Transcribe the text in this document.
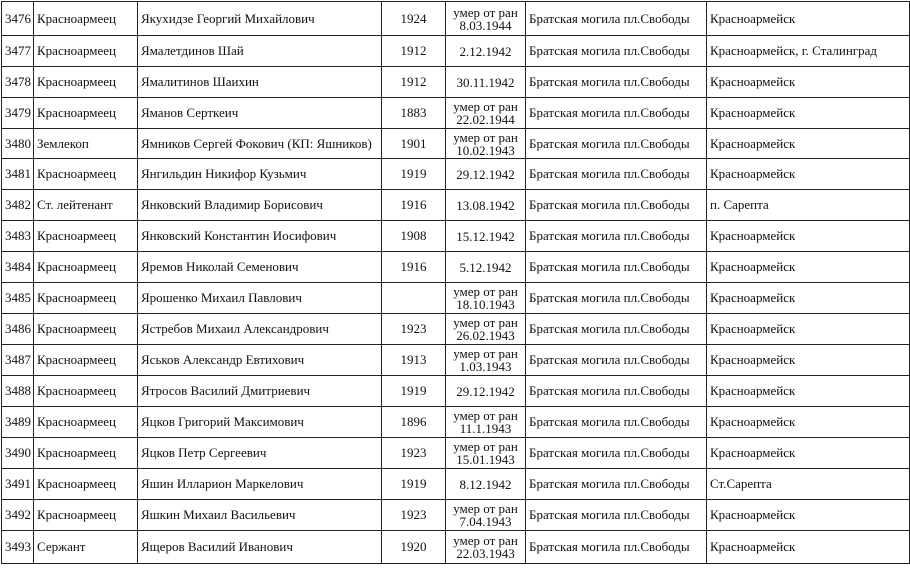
3476	Красноармеец	Якухидзе Георгий Михайлович	1924	умер от ран 8.03.1944	Братская могила пл.Свободы	Красноармейск
3477	Красноармеец	Ямалетдинов Шай	1912	2.12.1942	Братская могила пл.Свободы	Красноармейск, г. Сталинград
3478	Красноармеец	Ямалитинов Шаихин	1912	30.11.1942	Братская могила пл.Свободы	Красноармейск
3479	Красноармеец	Яманов Серткеич	1883	умер от ран 22.02.1944	Братская могила пл.Свободы	Красноармейск
3480	Землекоп	Ямников Сергей Фокович (КП: Яшников)	1901	умер от ран 10.02.1943	Братская могила пл.Свободы	Красноармейск
3481	Красноармеец	Янгильдин Никифор Кузьмич	1919	29.12.1942	Братская могила пл.Свободы	Красноармейск
3482	Ст. лейтенант	Янковский Владимир Борисович	1916	13.08.1942	Братская могила пл.Свободы	п. Сарепта
3483	Красноармеец	Янковский Константин Иосифович	1908	15.12.1942	Братская могила пл.Свободы	Красноармейск
3484	Красноармеец	Яремов Николай Семенович	1916	5.12.1942	Братская могила пл.Свободы	Красноармейск
3485	Красноармеец	Ярошенко Михаил Павлович		умер от ран 18.10.1943	Братская могила пл.Свободы	Красноармейск
3486	Красноармеец	Ястребов Михаил Александрович	1923	умер от ран 26.02.1943	Братская могила пл.Свободы	Красноармейск
3487	Красноармеец	Яськов Александр Евтихович	1913	умер от ран 1.03.1943	Братская могила пл.Свободы	Красноармейск
3488	Красноармеец	Ятросов Василий Дмитриевич	1919	29.12.1942	Братская могила пл.Свободы	Красноармейск
3489	Красноармеец	Яцков Григорий Максимович	1896	умер от ран 11.1.1943	Братская могила пл.Свободы	Красноармейск
3490	Красноармеец	Яцков Петр Сергеевич	1923	умер от ран 15.01.1943	Братская могила пл.Свободы	Красноармейск
3491	Красноармеец	Яшин Илларион Маркелович	1919	8.12.1942	Братская могила пл.Свободы	Ст.Сарепта
3492	Красноармеец	Яшкин Михаил Васильевич	1923	умер от ран 7.04.1943	Братская могила пл.Свободы	Красноармейск
3493	Сержант	Ящеров Василий Иванович	1920	умер от ран 22.03.1943	Братская могила пл.Свободы	Красноармейск
